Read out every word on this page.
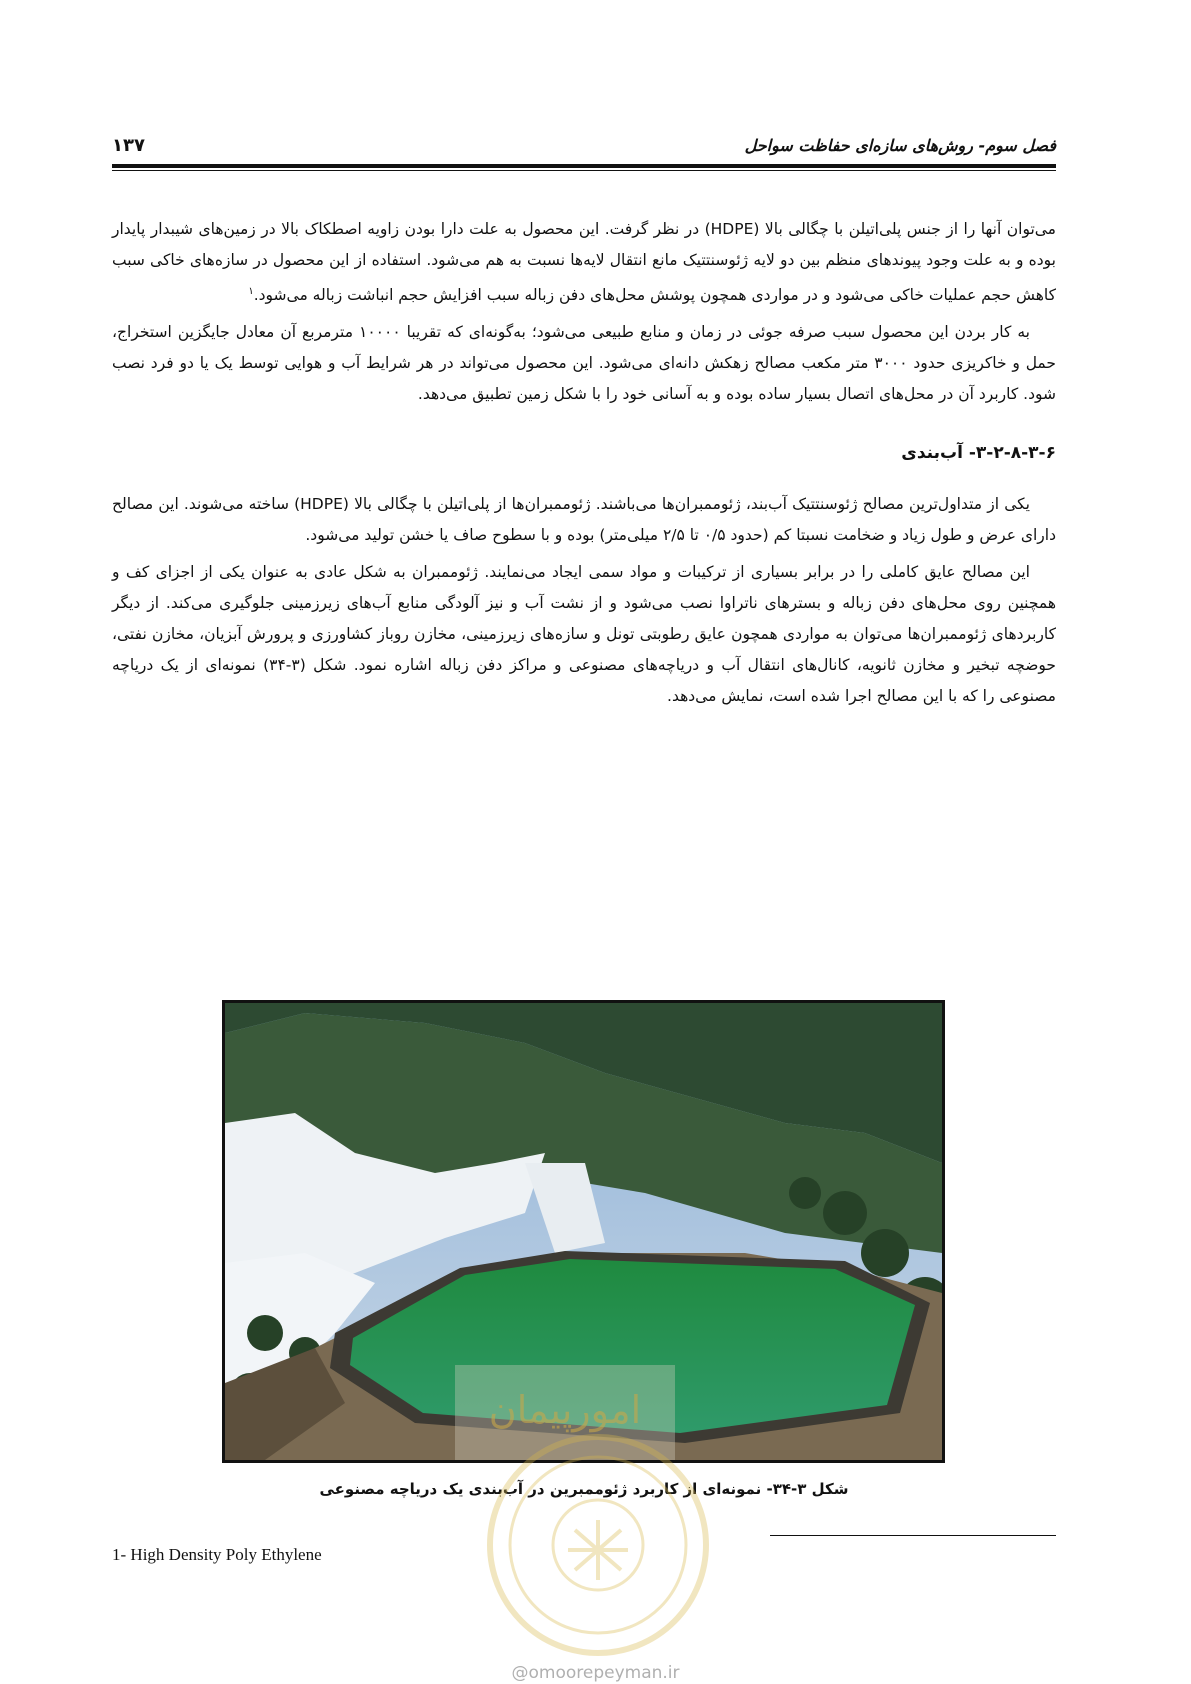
فصل سوم- روش‌های سازه‌ای حفاظت سواحل
۱۳۷

می‌توان آنها را از جنس پلی‌اتیلن با چگالی بالا (HDPE) در نظر گرفت. این محصول به علت دارا بودن زاویه اصطکاک بالا در زمین‌های شیبدار پایدار بوده و به علت وجود پیوندهای منظم بین دو لایه ژئوسنتتیک مانع انتقال لایه‌ها نسبت به هم می‌شود. استفاده از این محصول در سازه‌های خاکی سبب کاهش حجم عملیات خاکی می‌شود و در مواردی همچون پوشش محل‌های دفن زباله سبب افزایش حجم انباشت زباله می‌شود.$^۱$

به کار بردن این محصول سبب صرفه جوئی در زمان و منابع طبیعی می‌شود؛ به‌گونه‌ای که تقریبا ۱۰۰۰۰ مترمربع آن معادل جایگزین استخراج، حمل و خاکریزی حدود ۳۰۰۰ متر مکعب مصالح زهکش دانه‌ای می‌شود. این محصول می‌تواند در هر شرایط آب و هوایی توسط یک یا دو فرد نصب شود. کاربرد آن در محل‌های اتصال بسیار ساده بوده و به آسانی خود را با شکل زمین تطبیق می‌دهد.

۳-۲-۸-۳-۶- آب‌بندی

یکی از متداول‌ترین مصالح ژئوسنتتیک آب‌بند، ژئوممبران‌ها می‌باشند. ژئوممبران‌ها از پلی‌اتیلن با چگالی بالا (HDPE) ساخته می‌شوند. این مصالح دارای عرض و طول زیاد و ضخامت نسبتا کم (حدود ۰/۵ تا ۲/۵ میلی‌متر) بوده و با سطوح صاف یا خشن تولید می‌شود.

این مصالح عایق کاملی را در برابر بسیاری از ترکیبات و مواد سمی ایجاد می‌نمایند. ژئوممبران به شکل عادی به عنوان یکی از اجزای کف و همچنین روی محل‌های دفن زباله و بسترهای ناتراوا نصب می‌شود و از نشت آب و نیز آلودگی منابع آب‌های زیرزمینی جلوگیری می‌کند. از دیگر کاربردهای ژئوممبران‌ها می‌توان به مواردی همچون عایق رطوبتی تونل و سازه‌های زیرزمینی، مخازن روباز کشاورزی و پرورش آبزیان، مخازن نفتی، حوضچه تبخیر و مخازن ثانویه، کانال‌های انتقال آب و دریاچه‌های مصنوعی و مراکز دفن زباله اشاره نمود. شکل (۳-۳۴) نمونه‌ای از یک دریاچه مصنوعی را که با این مصالح اجرا شده است، نمایش می‌دهد.

امورپیمان
شکل ۳-۳۴- نمونه‌ای از کاربرد ژئوممبرین در آب‌بندی یک دریاچه مصنوعی
1- High Density Poly Ethylene
@omoorepeyman.ir
